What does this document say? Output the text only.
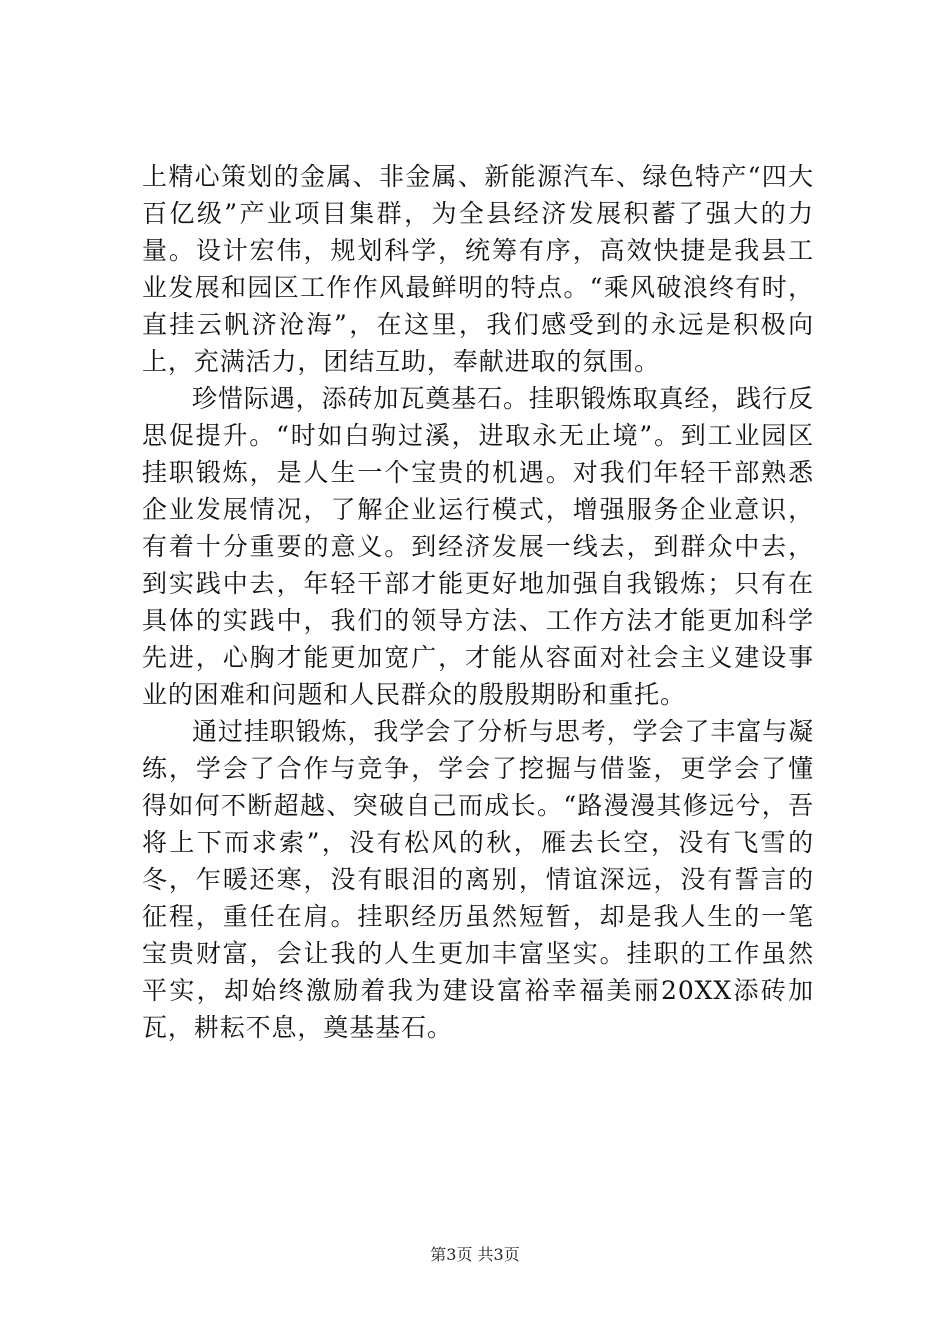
上精心策划的金属、非金属、新能源汽车、绿色特产“四大百亿级”产业项目集群，为全县经济发展积蓄了强大的力量。设计宏伟，规划科学，统筹有序，高效快捷是我县工业发展和园区工作作风最鲜明的特点。“乘风破浪终有时，直挂云帆济沧海”，在这里，我们感受到的永远是积极向上，充满活力，团结互助，奉献进取的氛围。

珍惜际遇，添砖加瓦奠基石。挂职锻炼取真经，践行反思促提升。“时如白驹过溪，进取永无止境”。到工业园区挂职锻炼，是人生一个宝贵的机遇。对我们年轻干部熟悉企业发展情况，了解企业运行模式，增强服务企业意识，有着十分重要的意义。到经济发展一线去，到群众中去，到实践中去，年轻干部才能更好地加强自我锻炼；只有在具体的实践中，我们的领导方法、工作方法才能更加科学先进，心胸才能更加宽广，才能从容面对社会主义建设事业的困难和问题和人民群众的殷殷期盼和重托。

通过挂职锻炼，我学会了分析与思考，学会了丰富与凝练，学会了合作与竞争，学会了挖掘与借鉴，更学会了懂得如何不断超越、突破自己而成长。“路漫漫其修远兮，吾将上下而求索”，没有松风的秋，雁去长空，没有飞雪的冬，乍暖还寒，没有眼泪的离别，情谊深远，没有誓言的征程，重任在肩。挂职经历虽然短暂，却是我人生的一笔宝贵财富，会让我的人生更加丰富坚实。挂职的工作虽然平实，却始终激励着我为建设富裕幸福美丽20XX添砖加瓦，耕耘不息，奠基基石。

第3页 共3页
